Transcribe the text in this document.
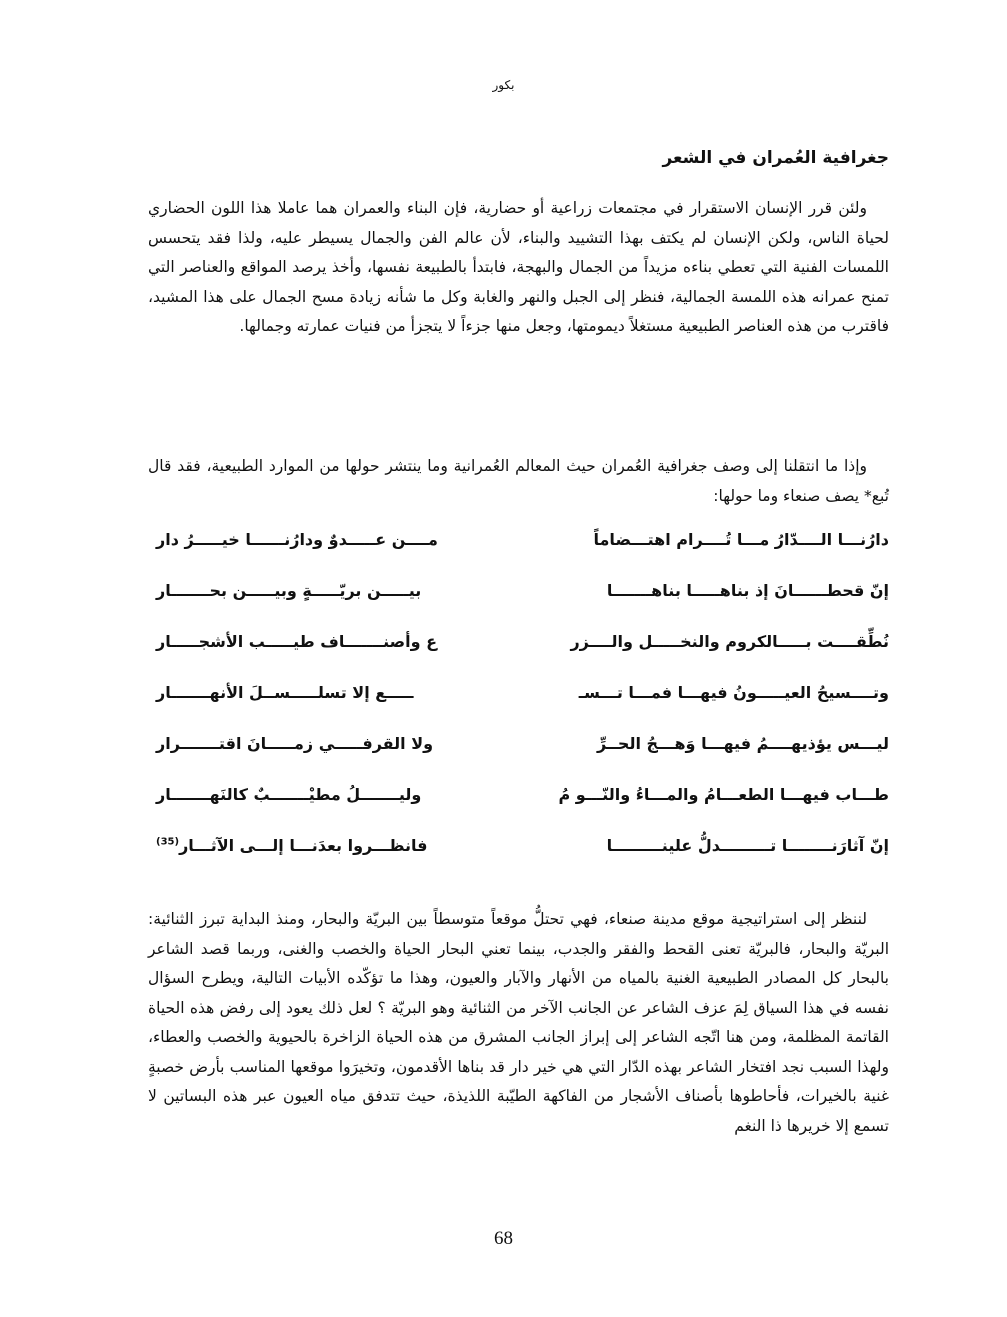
بكور
جغرافية العُمران في الشعر

ولئن قرر الإنسان الاستقرار في مجتمعات زراعية أو حضارية، فإن البناء والعمران هما عاملا هذا اللون الحضاري لحياة الناس، ولكن الإنسان لم يكتف بهذا التشييد والبناء، لأن عالم الفن والجمال يسيطر عليه، ولذا فقد يتحسس اللمسات الفنية التي تعطي بناءه مزيداً من الجمال والبهجة، فابتدأ بالطبيعة نفسها، وأخذ يرصد المواقع والعناصر التي تمنح عمرانه هذه اللمسة الجمالية، فنظر إلى الجبل والنهر والغابة وكل ما شأنه زيادة مسح الجمال على هذا المشيد، فاقترب من هذه العناصر الطبيعية مستغلاً ديمومتها، وجعل منها جزءاً لا يتجزأ من فنيات عمارته وجمالها.

وإذا ما انتقلنا إلى وصف جغرافية العُمران حيث المعالم العُمرانية وما ينتشر حولها من الموارد الطبيعية، فقد قال تُبع* يصف صنعاء وما حولها:

دارُنـــا الــــدّارُ مـــا تُــــرام اهتـــضاماً
مــــن عـــــدوٌ ودارُنــــــا خيـــــرُ دار
إنّ قحطــــــانَ إذ بناهـــــا بناهـــــــا
بيـــــن بريّـــــةٍ وبيـــــن بحـــــــار
نُطِّقــــت بـــــالكروم والنخـــــل والــــزر
ع وأصنـــــــاف طيـــــب الأشجـــــار
وتــــسيحُ العيـــــونُ فيهـــا فمـــا تـــسـ
ـــــع إلا تسلـــــســلَ الأنهـــــــار
ليـــس يؤذيهــــمُ فيهـــا وَهـــجُ الحــرِّ
ولا القرفـــــي زمـــــانَ اقتـــــــرار
طـــاب فيهـــا الطعـــامُ والمـــاءُ والنّـــو مُ
وليـــــــلُ مطيْـــــــبٌ كالنَهـــــــار
إنّ آثارَنــــــــا تـــــــــدلُّ علينـــــــــا
فانظـــروا بعدَنـــا إلـــى الآثـــار$^{(35)}$

لننظر إلى استراتيجية موقع مدينة صنعاء، فهي تحتلُّ موقعاً متوسطاً بين البريّة والبحار، ومنذ البداية تبرز الثنائية: البريّة والبحار، فالبريّة تعنى القحط والفقر والجدب، بينما تعني البحار الحياة والخصب والغنى، وربما قصد الشاعر بالبحار كل المصادر الطبيعية الغنية بالمياه من الأنهار والآبار والعيون، وهذا ما تؤكّده الأبيات التالية، ويطرح السؤال نفسه في هذا السياق لِمَ عزف الشاعر عن الجانب الآخر من الثنائية وهو البريّة ؟ لعل ذلك يعود إلى رفض هذه الحياة القاتمة المظلمة، ومن هنا اتّجه الشاعر إلى إبراز الجانب المشرق من هذه الحياة الزاخرة بالحيوية والخصب والعطاء، ولهذا السبب نجد افتخار الشاعر بهذه الدّار التي هي خير دار قد بناها الأقدمون، وتخيرَوا موقعها المناسب بأرض خصبةٍ غنية بالخيرات، فأحاطوها بأصناف الأشجار من الفاكهة الطيّبة اللذيذة، حيث تتدفق مياه العيون عبر هذه البساتين لا تسمع إلا خريرها ذا النغم

68
